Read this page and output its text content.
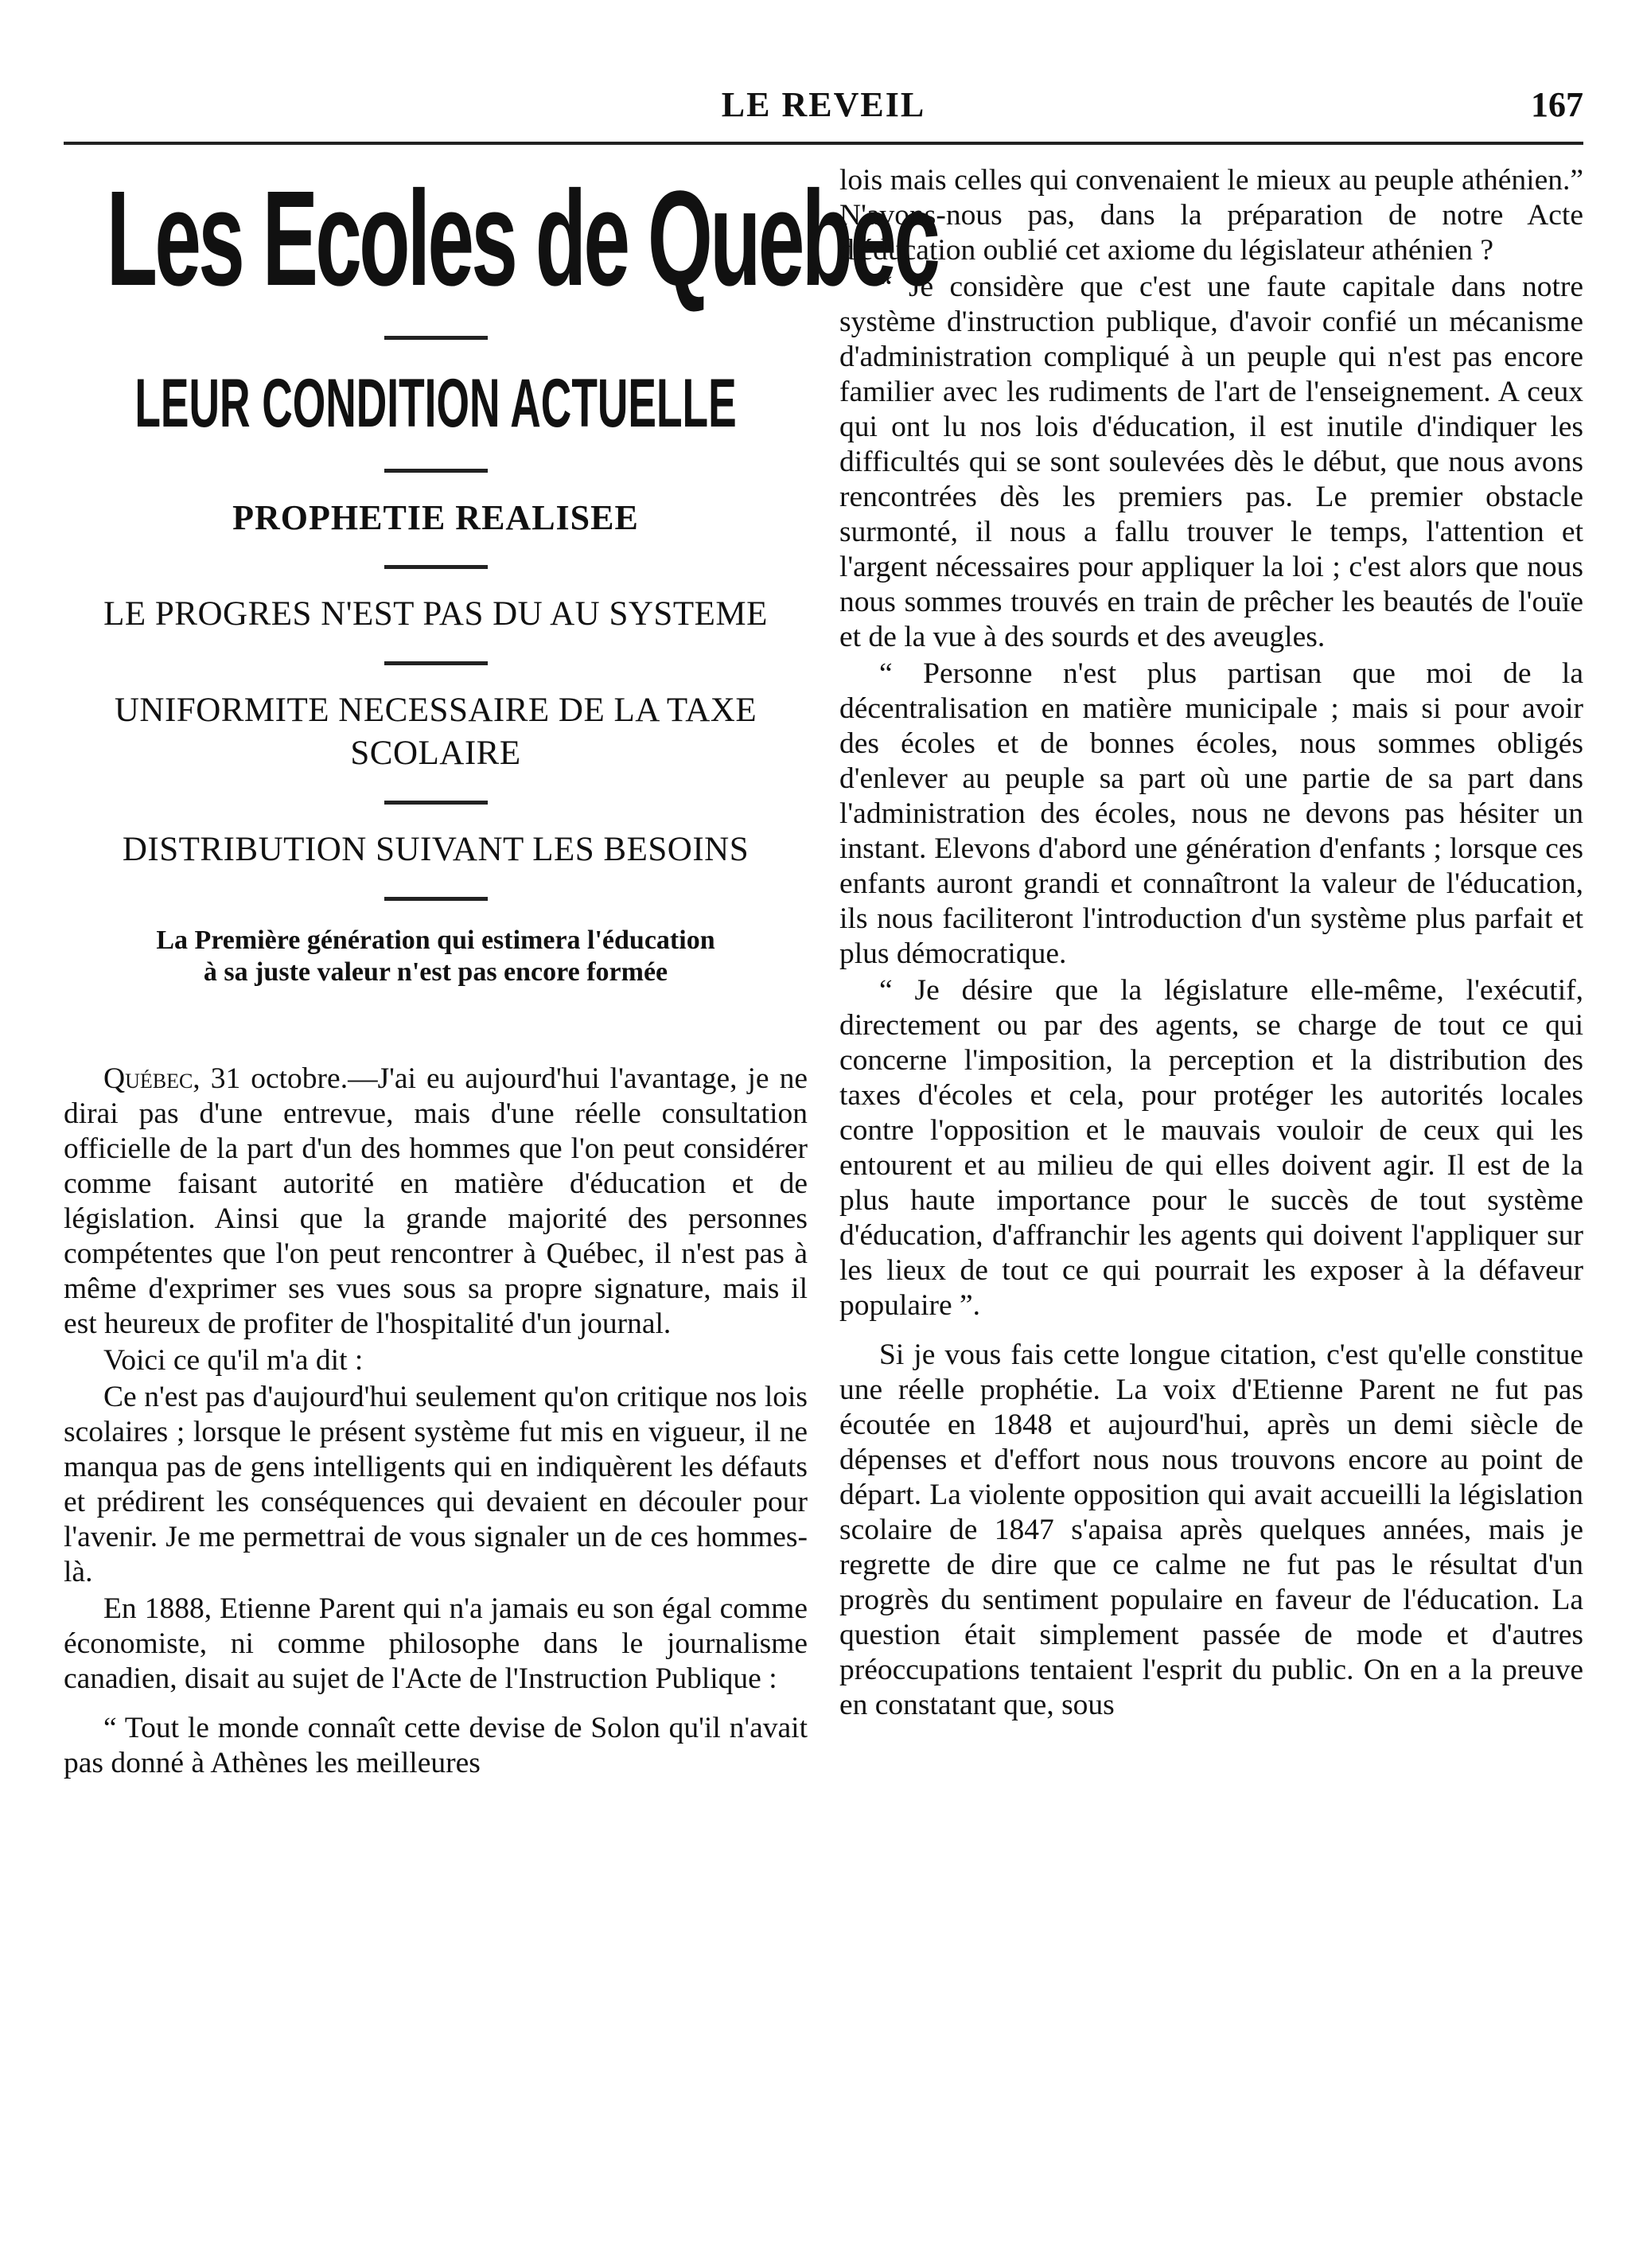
LE REVEIL	167
Les Ecoles de Quebec
LEUR CONDITION ACTUELLE
PROPHETIE REALISEE
LE PROGRES N'EST PAS DU AU SYSTEME
UNIFORMITE NECESSAIRE DE LA TAXE SCOLAIRE
DISTRIBUTION SUIVANT LES BESOINS
La Première génération qui estimera l'éducation
à sa juste valeur n'est pas encore formée

Québec, 31 octobre.—J'ai eu aujourd'hui l'avantage, je ne dirai pas d'une entrevue, mais d'une réelle consultation officielle de la part d'un des hommes que l'on peut considérer comme faisant autorité en matière d'éducation et de législation. Ainsi que la grande majorité des personnes compétentes que l'on peut rencontrer à Québec, il n'est pas à même d'exprimer ses vues sous sa propre signature, mais il est heureux de profiter de l'hospitalité d'un journal.

Voici ce qu'il m'a dit :

Ce n'est pas d'aujourd'hui seulement qu'on critique nos lois scolaires ; lorsque le présent système fut mis en vigueur, il ne manqua pas de gens intelligents qui en indiquèrent les défauts et prédirent les conséquences qui devaient en découler pour l'avenir. Je me permettrai de vous signaler un de ces hommes-là.

En 1888, Etienne Parent qui n'a jamais eu son égal comme économiste, ni comme philosophe dans le journalisme canadien, disait au sujet de l'Acte de l'Instruction Publique :

“ Tout le monde connaît cette devise de Solon qu'il n'avait pas donné à Athènes les meilleures

lois mais celles qui convenaient le mieux au peuple athénien.” N'avons-nous pas, dans la préparation de notre Acte d'éducation oublié cet axiome du législateur athénien ?

“ Je considère que c'est une faute capitale dans notre système d'instruction publique, d'avoir confié un mécanisme d'administration compliqué à un peuple qui n'est pas encore familier avec les rudiments de l'art de l'enseignement. A ceux qui ont lu nos lois d'éducation, il est inutile d'indiquer les difficultés qui se sont soulevées dès le début, que nous avons rencontrées dès les premiers pas. Le premier obstacle surmonté, il nous a fallu trouver le temps, l'attention et l'argent nécessaires pour appliquer la loi ; c'est alors que nous nous sommes trouvés en train de prêcher les beautés de l'ouïe et de la vue à des sourds et des aveugles.

“ Personne n'est plus partisan que moi de la décentralisation en matière municipale ; mais si pour avoir des écoles et de bonnes écoles, nous sommes obligés d'enlever au peuple sa part où une partie de sa part dans l'administration des écoles, nous ne devons pas hésiter un instant. Elevons d'abord une génération d'enfants ; lorsque ces enfants auront grandi et connaîtront la valeur de l'éducation, ils nous faciliteront l'introduction d'un système plus parfait et plus démocratique.

“ Je désire que la législature elle-même, l'exécutif, directement ou par des agents, se charge de tout ce qui concerne l'imposition, la perception et la distribution des taxes d'écoles et cela, pour protéger les autorités locales contre l'opposition et le mauvais vouloir de ceux qui les entourent et au milieu de qui elles doivent agir. Il est de la plus haute importance pour le succès de tout système d'éducation, d'affranchir les agents qui doivent l'appliquer sur les lieux de tout ce qui pourrait les exposer à la défaveur populaire ”.

Si je vous fais cette longue citation, c'est qu'elle constitue une réelle prophétie. La voix d'Etienne Parent ne fut pas écoutée en 1848 et aujourd'hui, après un demi siècle de dépenses et d'effort nous nous trouvons encore au point de départ. La violente opposition qui avait accueilli la législation scolaire de 1847 s'apaisa après quelques années, mais je regrette de dire que ce calme ne fut pas le résultat d'un progrès du sentiment populaire en faveur de l'éducation. La question était simplement passée de mode et d'autres préoccupations tentaient l'esprit du public. On en a la preuve en constatant que, sous
